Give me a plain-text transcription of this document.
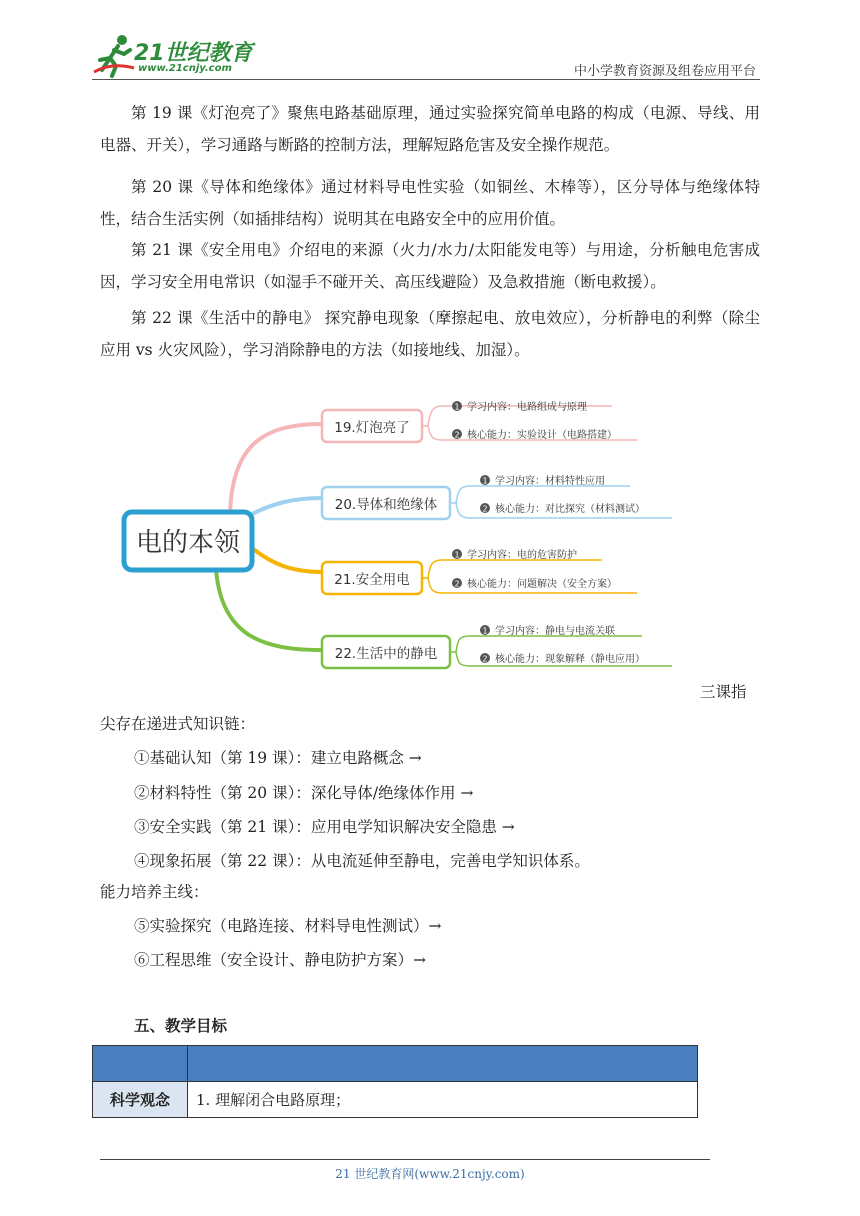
21世纪教育
www.21cnjy.com	中小学教育资源及组卷应用平台
第 19 课《灯泡亮了》聚焦电路基础原理，通过实验探究简单电路的构成（电源、导线、用电器、开关），学习通路与断路的控制方法，理解短路危害及安全操作规范。
第 20 课《导体和绝缘体》通过材料导电性实验（如铜丝、木棒等），区分导体与绝缘体特性，结合生活实例（如插排结构）说明其在电路安全中的应用价值。
第 21 课《安全用电》介绍电的来源（火力/水力/太阳能发电等）与用途，分析触电危害成因，学习安全用电常识（如湿手不碰开关、高压线避险）及急救措施（断电救援）。
第 22 课《生活中的静电》 探究静电现象（摩擦起电、放电效应），分析静电的利弊（除尘应用 vs 火灾风险），学习消除静电的方法（如接地线、加湿）。
电的本领
19.灯泡亮了
1 学习内容：电路组成与原理
2 核心能力：实验设计（电路搭建）
20.导体和绝缘体
1 学习内容：材料特性应用
2 核心能力：对比探究（材料测试）
21.安全用电
1 学习内容：电的危害防护
2 核心能力：问题解决（安全方案）
22.生活中的静电
1 学习内容：静电与电流关联
2 核心能力：现象解释（静电应用）
三课指
尖存在递进式知识链：
①基础认知（第 19 课）：建立电路概念 →
②材料特性（第 20 课）：深化导体/绝缘体作用 →
③安全实践（第 21 课）：应用电学知识解决安全隐患 →
④现象拓展（第 22 课）：从电流延伸至静电，完善电学知识体系。
能力培养主线：
⑤实验探究（电路连接、材料导电性测试）→
⑥工程思维（安全设计、静电防护方案）→
五、教学目标

科学观念	1. 理解闭合电路原理；
21 世纪教育网(www.21cnjy.com)
